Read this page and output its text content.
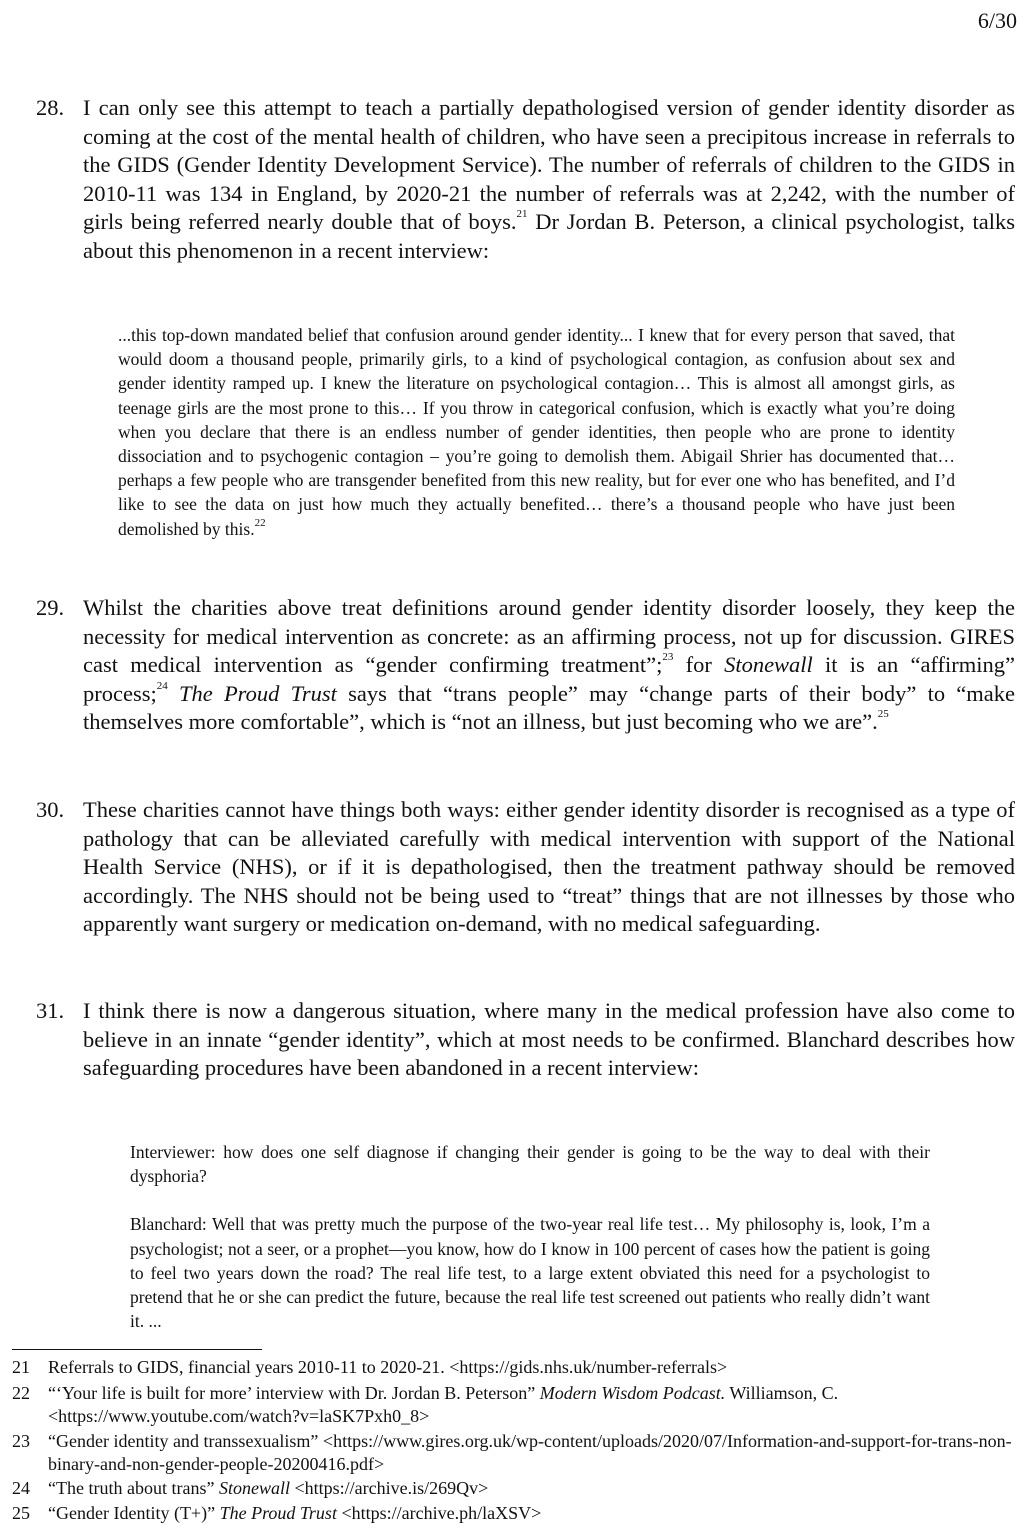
6/30
28. I can only see this attempt to teach a partially depathologised version of gender identity disorder as coming at the cost of the mental health of children, who have seen a precipitous increase in referrals to the GIDS (Gender Identity Development Service). The number of referrals of children to the GIDS in 2010-11 was 134 in England, by 2020-21 the number of referrals was at 2,242, with the number of girls being referred nearly double that of boys.$^{21}$ Dr Jordan B. Peterson, a clinical psychologist, talks about this phenomenon in a recent interview:

...this top-down mandated belief that confusion around gender identity... I knew that for every person that saved, that would doom a thousand people, primarily girls, to a kind of psychological contagion, as confusion about sex and gender identity ramped up. I knew the literature on psychological contagion… This is almost all amongst girls, as teenage girls are the most prone to this… If you throw in categorical confusion, which is exactly what you’re doing when you declare that there is an endless number of gender identities, then people who are prone to identity dissociation and to psychogenic contagion – you’re going to demolish them. Abigail Shrier has documented that… perhaps a few people who are transgender benefited from this new reality, but for ever one who has benefited, and I’d like to see the data on just how much they actually benefited… there’s a thousand people who have just been demolished by this.$^{22}$

29. Whilst the charities above treat definitions around gender identity disorder loosely, they keep the necessity for medical intervention as concrete: as an affirming process, not up for discussion. GIRES cast medical intervention as “gender confirming treatment”;$^{23}$ for Stonewall it is an “affirming” process;$^{24}$ The Proud Trust says that “trans people” may “change parts of their body” to “make themselves more comfortable”, which is “not an illness, but just becoming who we are”.$^{25}$
30. These charities cannot have things both ways: either gender identity disorder is recognised as a type of pathology that can be alleviated carefully with medical intervention with support of the National Health Service (NHS), or if it is depathologised, then the treatment pathway should be removed accordingly. The NHS should not be being used to “treat” things that are not illnesses by those who apparently want surgery or medication on-demand, with no medical safeguarding.
31. I think there is now a dangerous situation, where many in the medical profession have also come to believe in an innate “gender identity”, which at most needs to be confirmed. Blanchard describes how safeguarding procedures have been abandoned in a recent interview:

Interviewer: how does one self diagnose if changing their gender is going to be the way to deal with their dysphoria?

Blanchard: Well that was pretty much the purpose of the two-year real life test… My philosophy is, look, I’m a psychologist; not a seer, or a prophet—you know, how do I know in 100 percent of cases how the patient is going to feel two years down the road? The real life test, to a large extent obviated this need for a psychologist to pretend that he or she can predict the future, because the real life test screened out patients who really didn’t want it. ...

21 Referrals to GIDS, financial years 2010-11 to 2020-21. <https://gids.nhs.uk/number-referrals>
22 “‘Your life is built for more’ interview with Dr. Jordan B. Peterson” Modern Wisdom Podcast. Williamson, C. <https://www.youtube.com/watch?v=laSK7Pxh0_8>
23 “Gender identity and transsexualism” <https://www.gires.org.uk/wp-content/uploads/2020/07/Information-and-support-for-trans-non-binary-and-non-gender-people-20200416.pdf>
24 “The truth about trans” Stonewall <https://archive.is/269Qv>
25 “Gender Identity (T+)” The Proud Trust <https://archive.ph/laXSV>
